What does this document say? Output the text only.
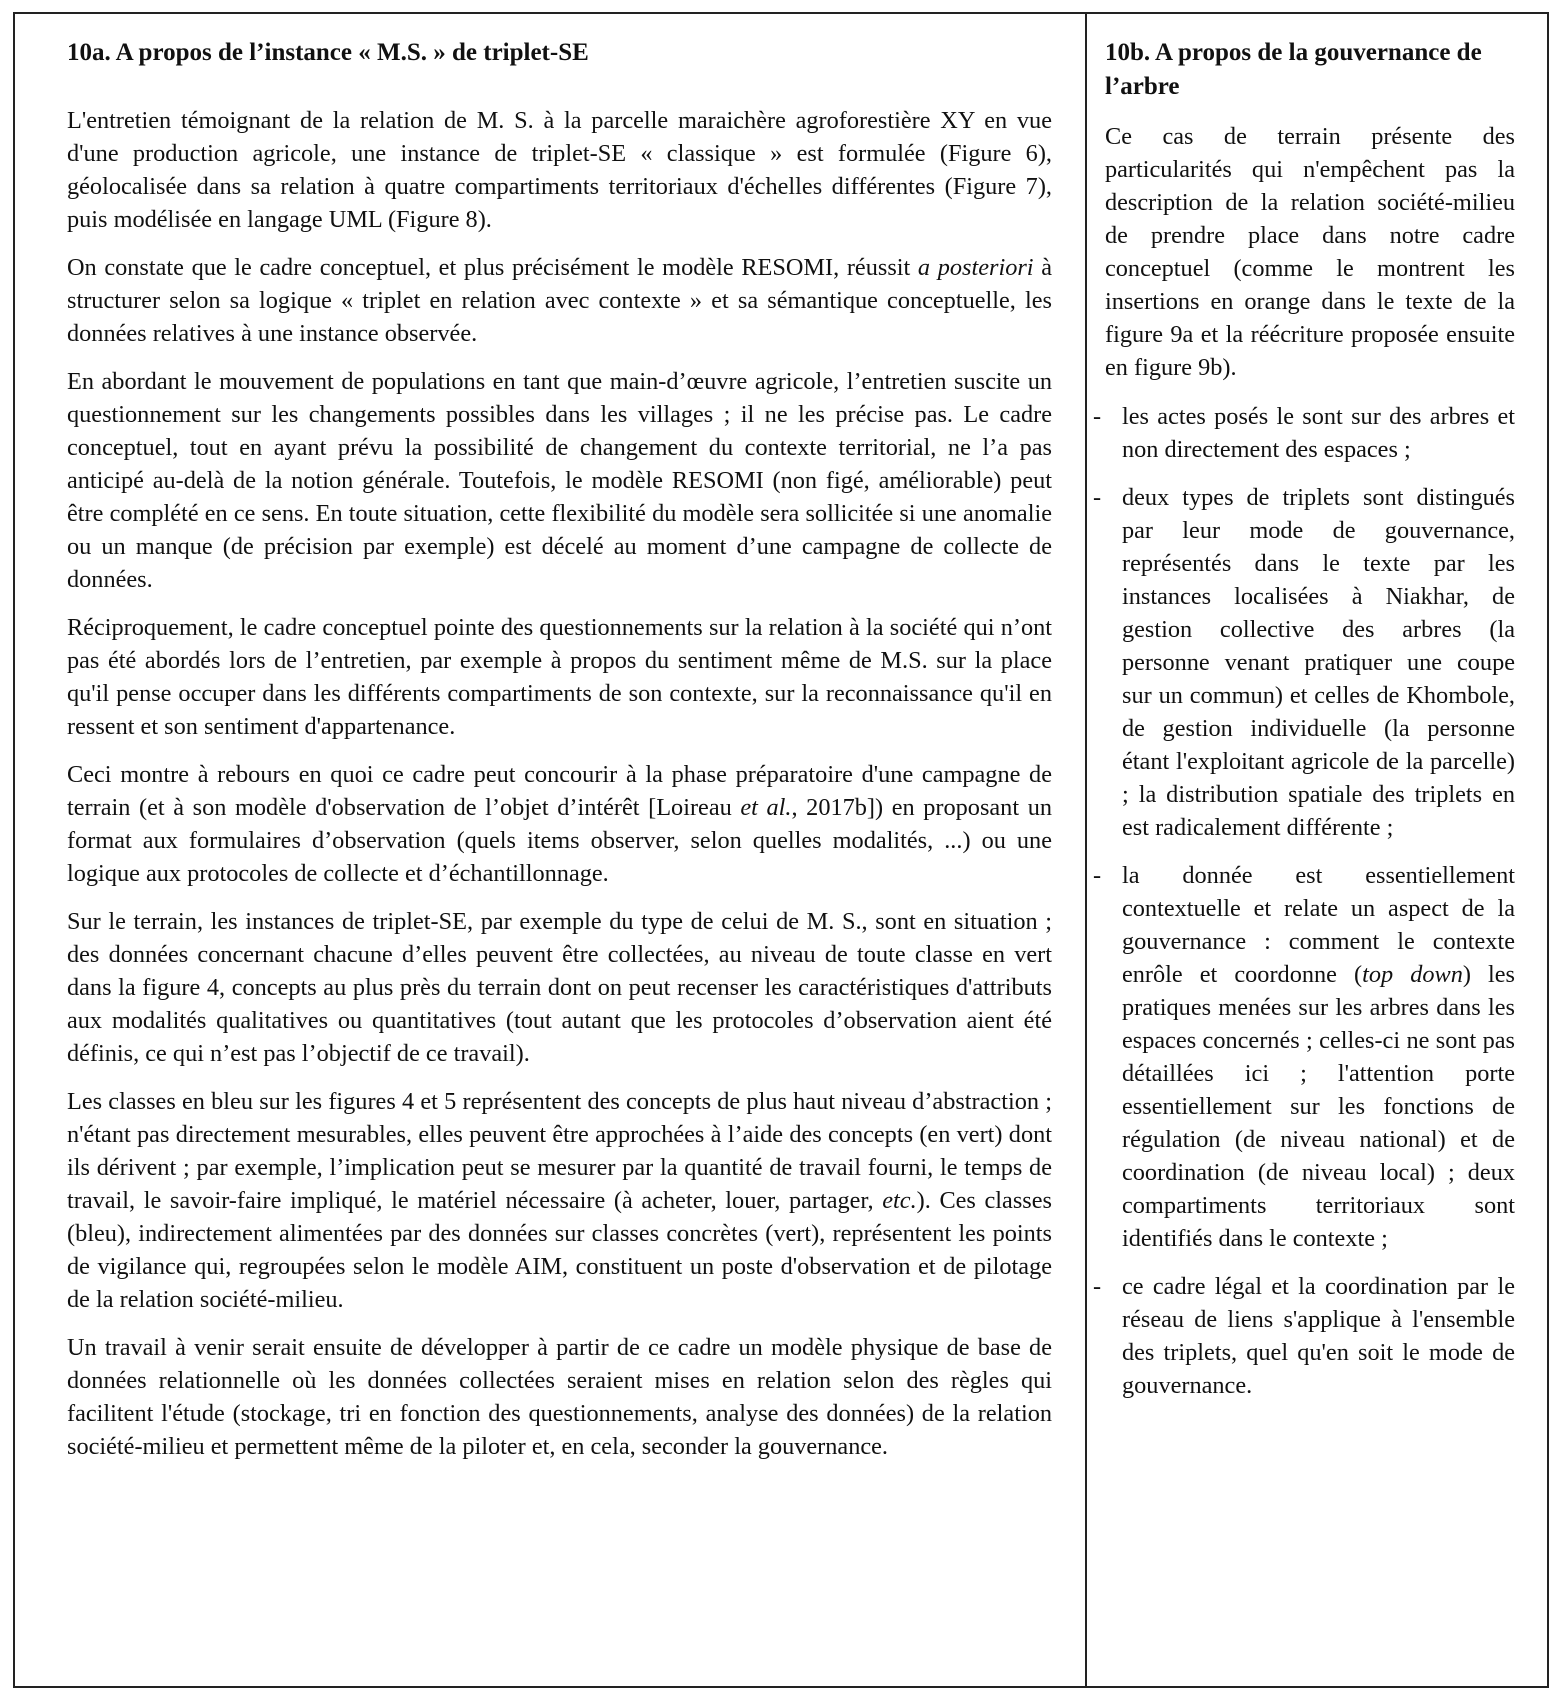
10a. A propos de l’instance « M.S. » de triplet-SE

L'entretien témoignant de la relation de M. S. à la parcelle maraichère agroforestière XY en vue d'une production agricole, une instance de triplet-SE « classique » est formulée (Figure 6), géolocalisée dans sa relation à quatre compartiments territoriaux d'échelles différentes (Figure 7), puis modélisée en langage UML (Figure 8).

On constate que le cadre conceptuel, et plus précisément le modèle RESOMI, réussit a posteriori à structurer selon sa logique « triplet en relation avec contexte » et sa sémantique conceptuelle, les données relatives à une instance observée.

En abordant le mouvement de populations en tant que main-d’œuvre agricole, l’entretien suscite un questionnement sur les changements possibles dans les villages ; il ne les précise pas. Le cadre conceptuel, tout en ayant prévu la possibilité de changement du contexte territorial, ne l’a pas anticipé au-delà de la notion générale. Toutefois, le modèle RESOMI (non figé, améliorable) peut être complété en ce sens. En toute situation, cette flexibilité du modèle sera sollicitée si une anomalie ou un manque (de précision par exemple) est décelé au moment d’une campagne de collecte de données.

Réciproquement, le cadre conceptuel pointe des questionnements sur la relation à la société qui n’ont pas été abordés lors de l’entretien, par exemple à propos du sentiment même de M.S. sur la place qu'il pense occuper dans les différents compartiments de son contexte, sur la reconnaissance qu'il en ressent et son sentiment d'appartenance.

Ceci montre à rebours en quoi ce cadre peut concourir à la phase préparatoire d'une campagne de terrain (et à son modèle d'observation de l’objet d’intérêt [Loireau et al., 2017b]) en proposant un format aux formulaires d’observation (quels items observer, selon quelles modalités, ...) ou une logique aux protocoles de collecte et d’échantillonnage.

Sur le terrain, les instances de triplet-SE, par exemple du type de celui de M. S., sont en situation ; des données concernant chacune d’elles peuvent être collectées, au niveau de toute classe en vert dans la figure 4, concepts au plus près du terrain dont on peut recenser les caractéristiques d'attributs aux modalités qualitatives ou quantitatives (tout autant que les protocoles d’observation aient été définis, ce qui n’est pas l’objectif de ce travail).

Les classes en bleu sur les figures 4 et 5 représentent des concepts de plus haut niveau d’abstraction ; n'étant pas directement mesurables, elles peuvent être approchées à l’aide des concepts (en vert) dont ils dérivent ; par exemple, l’implication peut se mesurer par la quantité de travail fourni, le temps de travail, le savoir-faire impliqué, le matériel nécessaire (à acheter, louer, partager, etc.). Ces classes (bleu), indirectement alimentées par des données sur classes concrètes (vert), représentent les points de vigilance qui, regroupées selon le modèle AIM, constituent un poste d'observation et de pilotage de la relation société-milieu.

Un travail à venir serait ensuite de développer à partir de ce cadre un modèle physique de base de données relationnelle où les données collectées seraient mises en relation selon des règles qui facilitent l'étude (stockage, tri en fonction des questionnements, analyse des données) de la relation société-milieu et permettent même de la piloter et, en cela, seconder la gouvernance.

10b. A propos de la gouvernance de l’arbre

Ce cas de terrain présente des particularités qui n'empêchent pas la description de la relation société-milieu de prendre place dans notre cadre conceptuel (comme le montrent les insertions en orange dans le texte de la figure 9a et la réécriture proposée ensuite en figure 9b).

- les actes posés le sont sur des arbres et non directement des espaces ;
- deux types de triplets sont distingués par leur mode de gouvernance, représentés dans le texte par les instances localisées à Niakhar, de gestion collective des arbres (la personne venant pratiquer une coupe sur un commun) et celles de Khombole, de gestion individuelle (la personne étant l'exploitant agricole de la parcelle) ; la distribution spatiale des triplets en est radicalement différente ;
- la donnée est essentiellement contextuelle et relate un aspect de la gouvernance : comment le contexte enrôle et coordonne (top down) les pratiques menées sur les arbres dans les espaces concernés ; celles-ci ne sont pas détaillées ici ; l'attention porte essentiellement sur les fonctions de régulation (de niveau national) et de coordination (de niveau local) ; deux compartiments territoriaux sont identifiés dans le contexte ;
- ce cadre légal et la coordination par le réseau de liens s'applique à l'ensemble des triplets, quel qu'en soit le mode de gouvernance.
